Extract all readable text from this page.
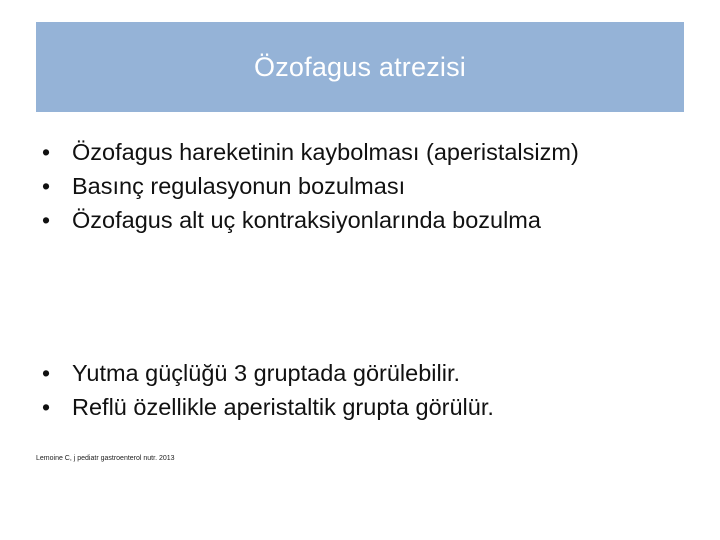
Özofagus atrezisi
• Özofagus hareketinin kaybolması (aperistalsizm)
• Basınç regulasyonun bozulması
• Özofagus alt uç kontraksiyonlarında bozulma
• Yutma güçlüğü 3 gruptada görülebilir.
• Reflü özellikle aperistaltik grupta görülür.
Lemoine C, j pediatr gastroenterol nutr. 2013
